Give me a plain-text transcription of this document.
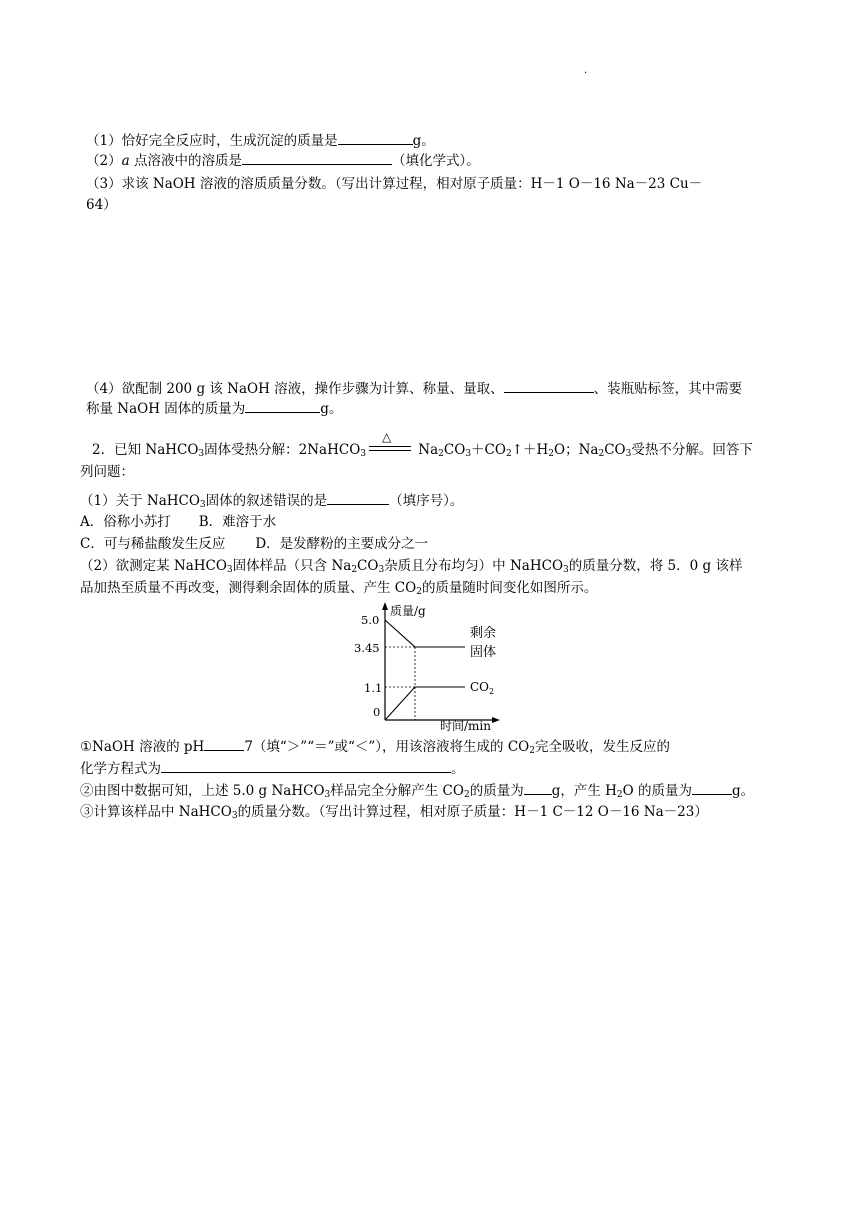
·
（1）恰好完全反应时，生成沉淀的质量是	g。
（2）a 点溶液中的溶质是	（填化学式）。
（3）求该 NaOH 溶液的溶质质量分数。（写出计算过程，相对原子质量：H－1 O－16 Na－23 Cu－
64）
（4）欲配制 200 g 该 NaOH 溶液，操作步骤为计算、称量、量取、	、装瓶贴标签，其中需要
称量 NaOH 固体的质量为	g。
2．已知 NaHCO$_3$固体受热分解：2NaHCO$_3$
△
$Na_2CO_3+CO_2↑+H_2O$；$Na_2CO_3$受热不分解。回答下
列问题：
（1）关于 NaHCO$_3$固体的叙述错误的是	（填序号）。
A．俗称小苏打 B．难溶于水
C．可与稀盐酸发生反应 D．是发酵粉的主要成分之一
（2）欲测定某 NaHCO$_3$固体样品（只含 $Na_2CO_3$杂质且分布均匀）中 NaHCO$_3$的质量分数，将 5．0 g 该样
品加热至质量不再改变，测得剩余固体的质量、产生 $CO_2$的质量随时间变化如图所示。
质量/g
时间/min
5.0
3.45
1.1
0
剩余
固体
$CO_2$
①NaOH 溶液的 pH	7（填“＞”“＝”或“＜”），用该溶液将生成的 $CO_2$完全吸收，发生反应的
化学方程式为	。
②由图中数据可知，上述 5.0 g NaHCO$_3$样品完全分解产生 $CO_2$的质量为 g，产生 $H_2O$ 的质量为	g。
③计算该样品中 NaHCO$_3$的质量分数。（写出计算过程，相对原子质量：H－1 C－12 O－16 Na－23）
